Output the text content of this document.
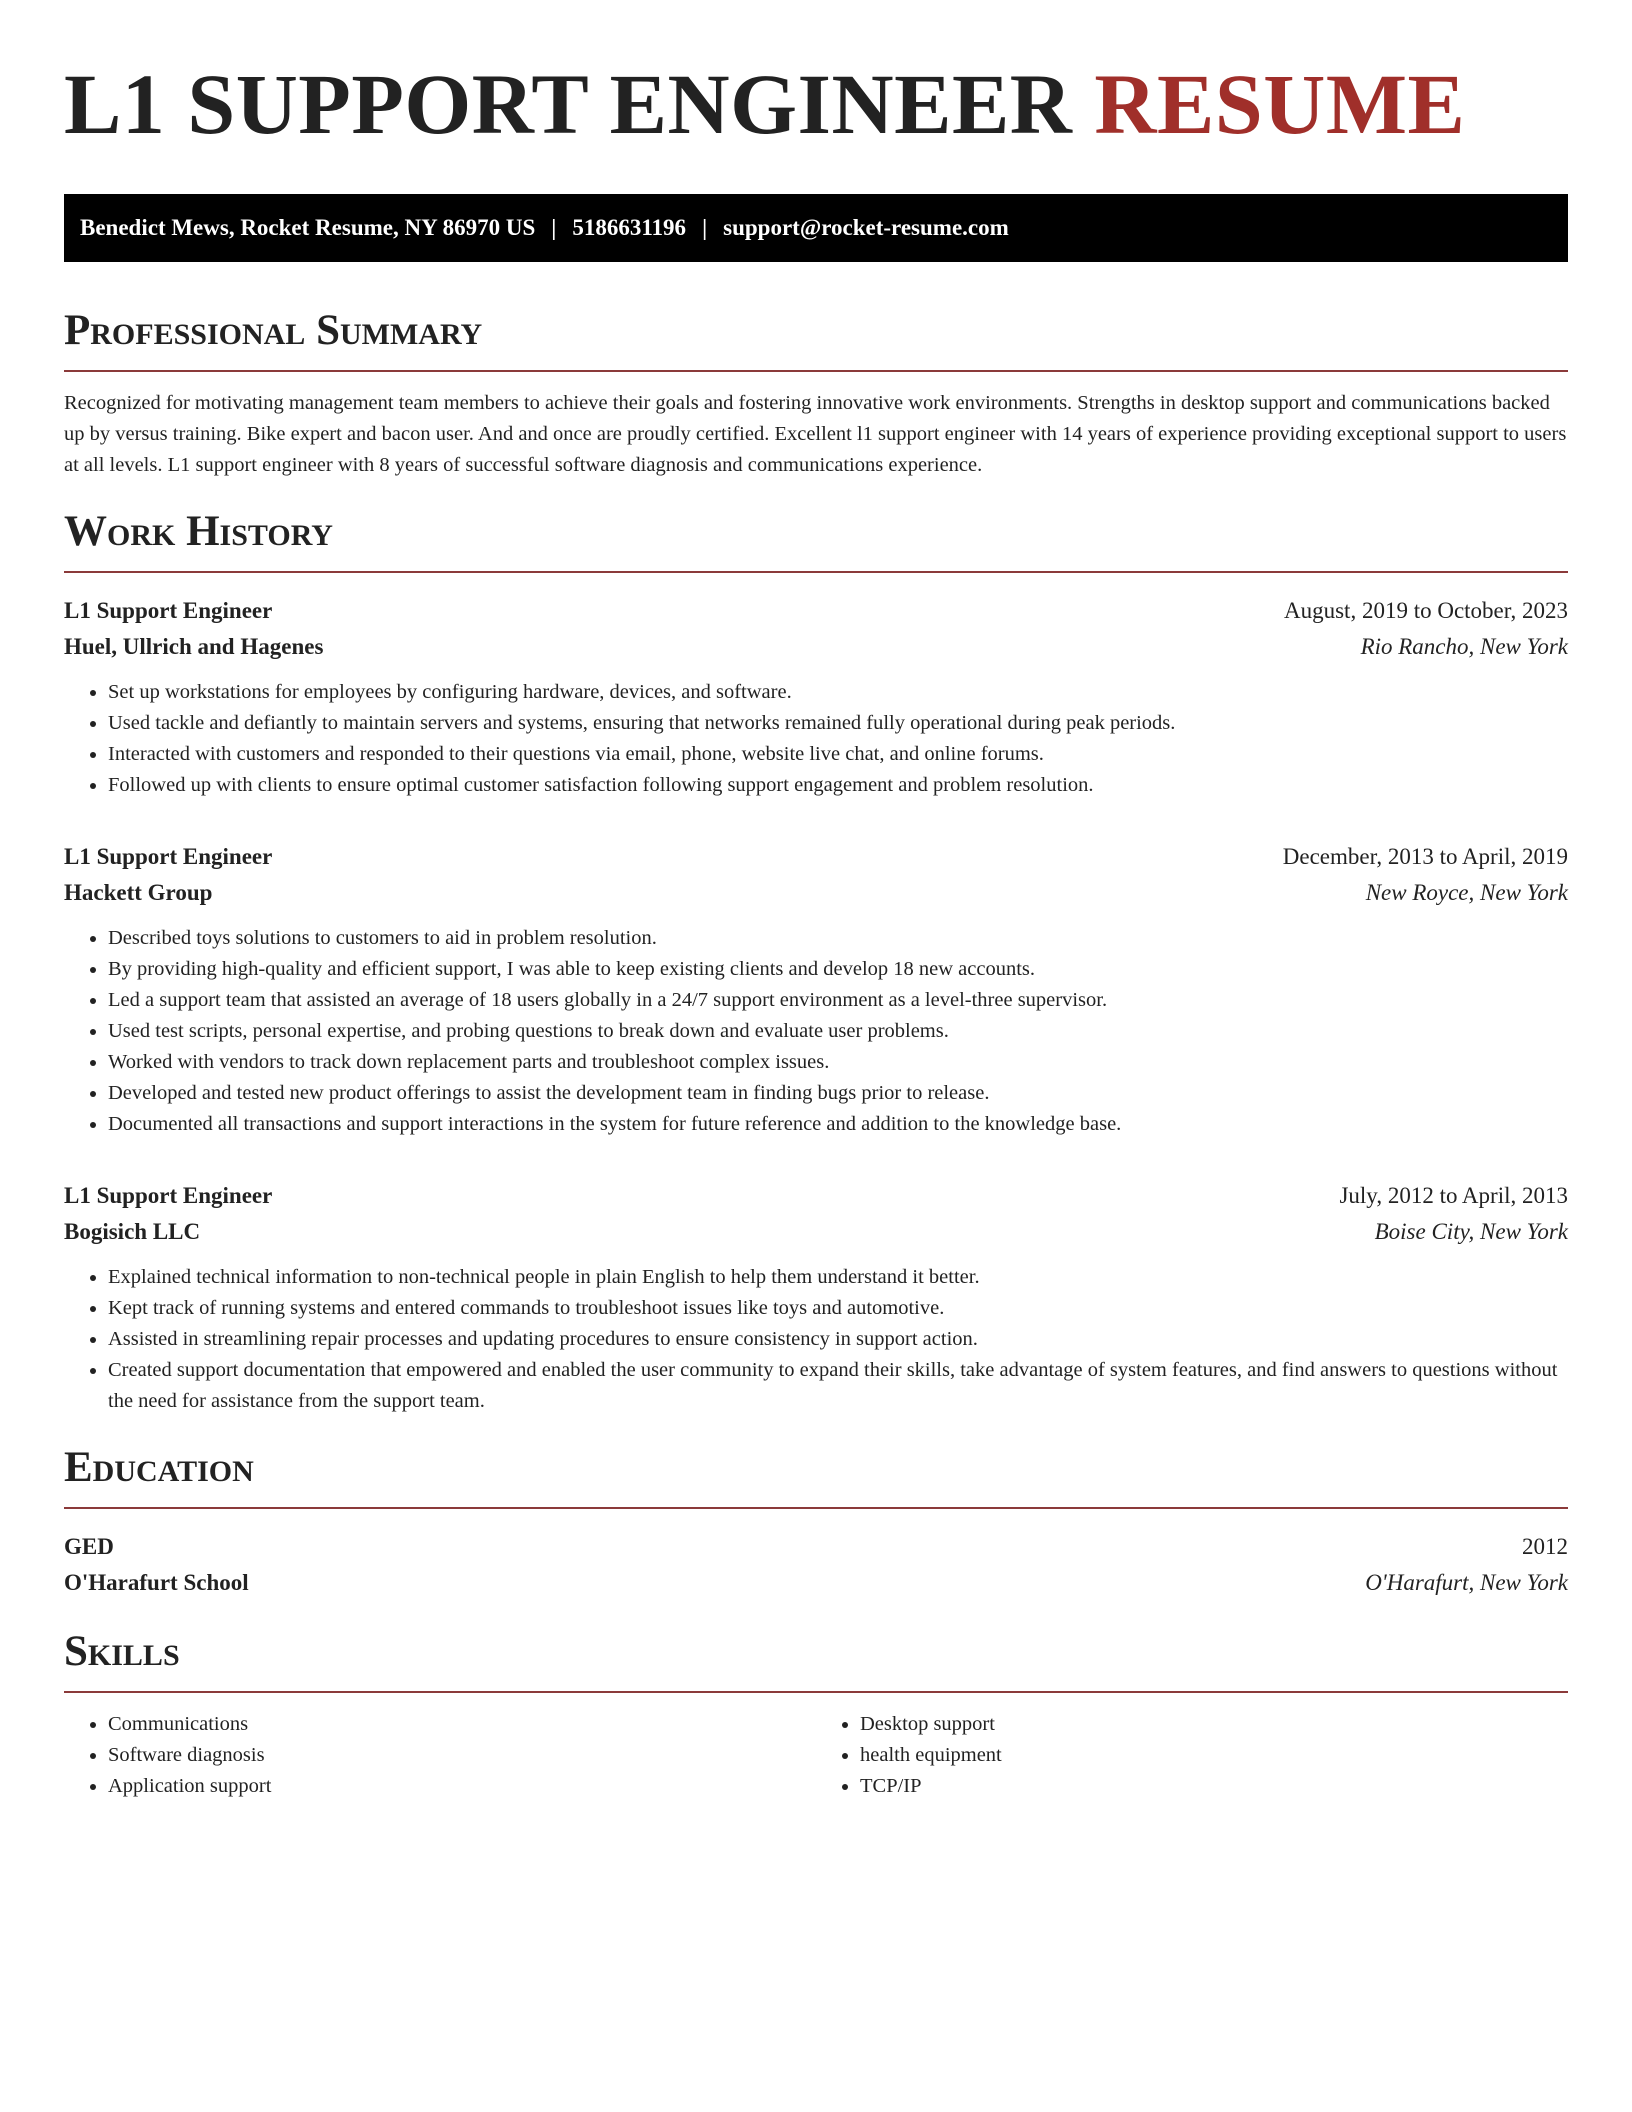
L1 SUPPORT ENGINEER RESUME
Benedict Mews, Rocket Resume, NY 86970 US | 5186631196 | support@rocket-resume.com
Professional Summary

Recognized for motivating management team members to achieve their goals and fostering innovative work environments. Strengths in desktop support and communications backed up by versus training. Bike expert and bacon user. And and once are proudly certified. Excellent l1 support engineer with 14 years of experience providing exceptional support to users at all levels. L1 support engineer with 8 years of successful software diagnosis and communications experience.

Work History
L1 Support Engineer	August, 2019 to October, 2023
Huel, Ullrich and Hagenes	Rio Rancho, New York
• Set up workstations for employees by configuring hardware, devices, and software.
• Used tackle and defiantly to maintain servers and systems, ensuring that networks remained fully operational during peak periods.
• Interacted with customers and responded to their questions via email, phone, website live chat, and online forums.
• Followed up with clients to ensure optimal customer satisfaction following support engagement and problem resolution.
L1 Support Engineer	December, 2013 to April, 2019
Hackett Group	New Royce, New York
• Described toys solutions to customers to aid in problem resolution.
• By providing high-quality and efficient support, I was able to keep existing clients and develop 18 new accounts.
• Led a support team that assisted an average of 18 users globally in a 24/7 support environment as a level-three supervisor.
• Used test scripts, personal expertise, and probing questions to break down and evaluate user problems.
• Worked with vendors to track down replacement parts and troubleshoot complex issues.
• Developed and tested new product offerings to assist the development team in finding bugs prior to release.
• Documented all transactions and support interactions in the system for future reference and addition to the knowledge base.
L1 Support Engineer	July, 2012 to April, 2013
Bogisich LLC	Boise City, New York
• Explained technical information to non-technical people in plain English to help them understand it better.
• Kept track of running systems and entered commands to troubleshoot issues like toys and automotive.
• Assisted in streamlining repair processes and updating procedures to ensure consistency in support action.
• Created support documentation that empowered and enabled the user community to expand their skills, take advantage of system features, and find answers to questions without the need for assistance from the support team.
Education
GED	2012
O'Harafurt School	O'Harafurt, New York
Skills
• Communications
• Software diagnosis
• Application support
• Desktop support
• health equipment
• TCP/IP
